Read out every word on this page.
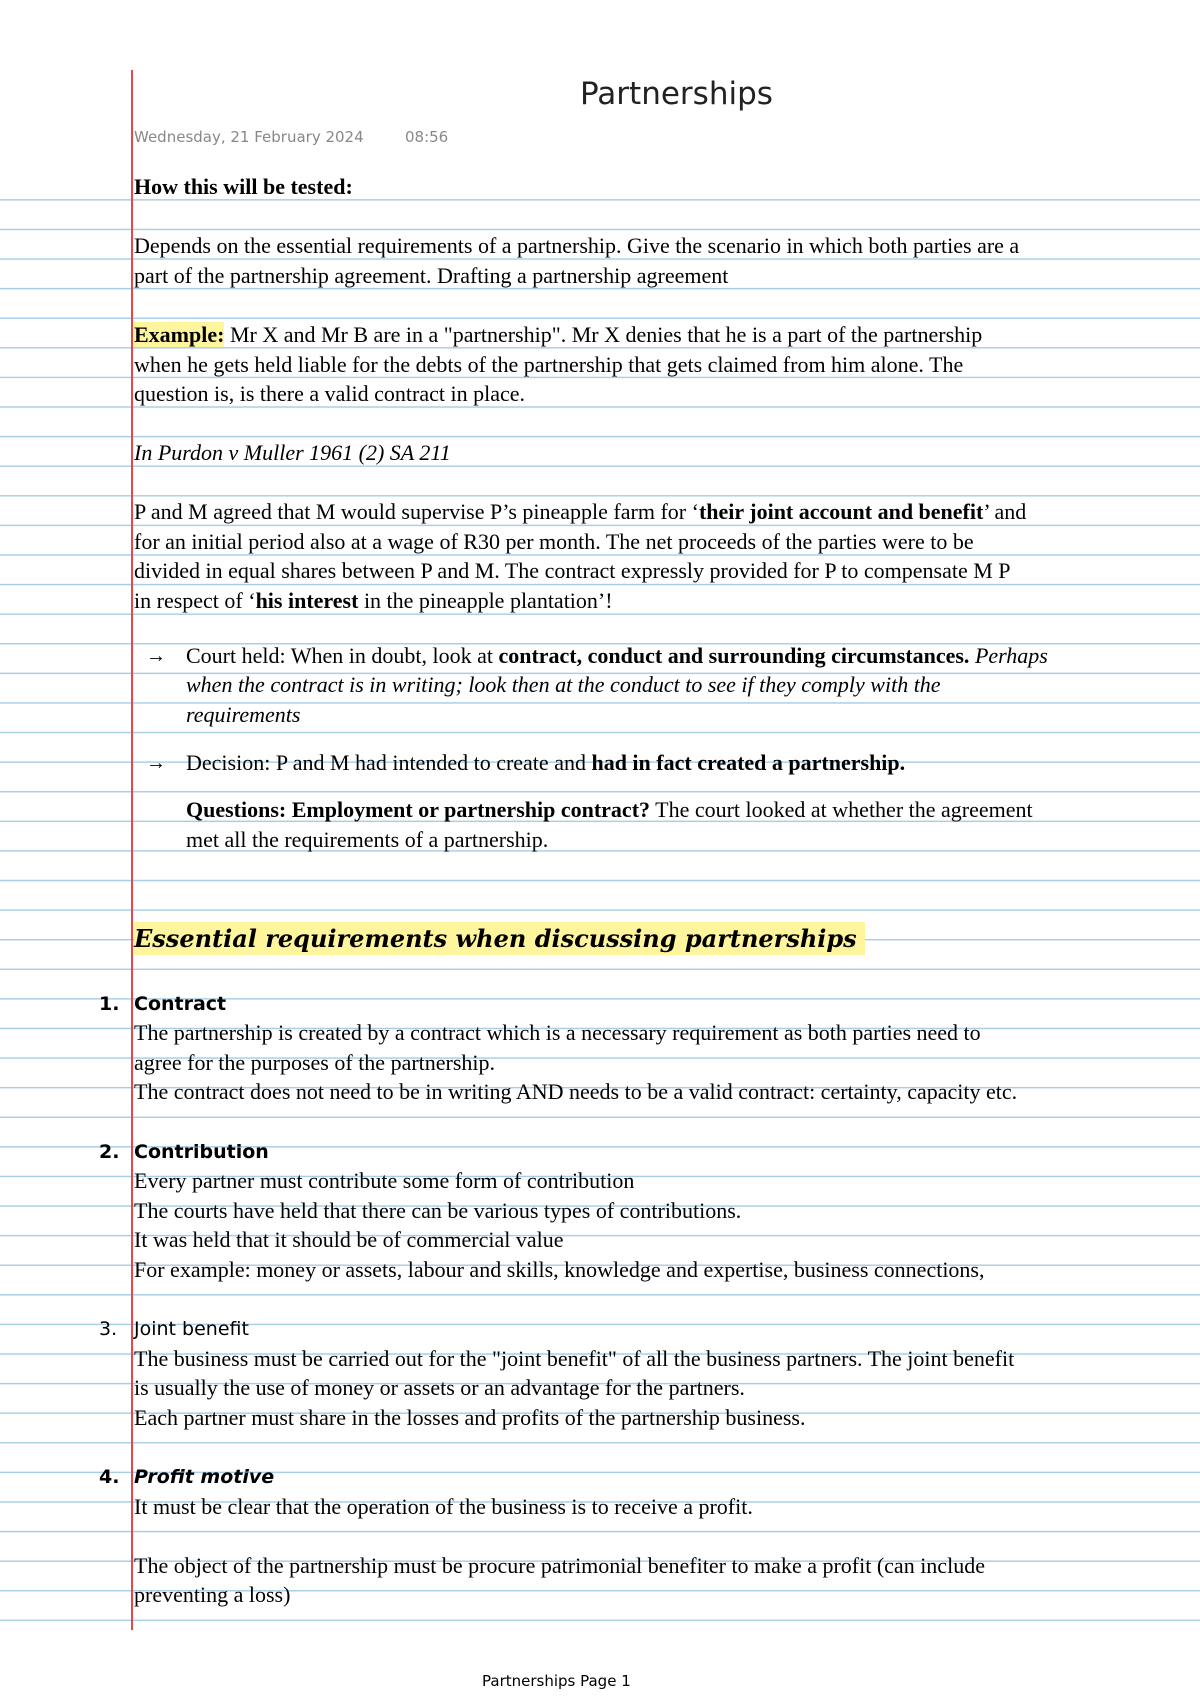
Partnerships
Wednesday, 21 February 2024	08:56
How this will be tested:
Depends on the essential requirements of a partnership. Give the scenario in which both parties are a
part of the partnership agreement. Drafting a partnership agreement
Example: Mr X and Mr B are in a "partnership". Mr X denies that he is a part of the partnership
when he gets held liable for the debts of the partnership that gets claimed from him alone. The
question is, is there a valid contract in place.
In Purdon v Muller 1961 (2) SA 211
P and M agreed that M would supervise P’s pineapple farm for ‘their joint account and benefit’ and
for an initial period also at a wage of R30 per month. The net proceeds of the parties were to be
divided in equal shares between P and M. The contract expressly provided for P to compensate M P
in respect of ‘his interest in the pineapple plantation’!
→ Court held: When in doubt, look at contract, conduct and surrounding circumstances. Perhaps
when the contract is in writing; look then at the conduct to see if they comply with the
requirements
→ Decision: P and M had intended to create and had in fact created a partnership.
Questions: Employment or partnership contract? The court looked at whether the agreement
met all the requirements of a partnership.
Essential requirements when discussing partnerships
1. Contract
The partnership is created by a contract which is a necessary requirement as both parties need to
agree for the purposes of the partnership.
The contract does not need to be in writing AND needs to be a valid contract: certainty, capacity etc.
2. Contribution
Every partner must contribute some form of contribution
The courts have held that there can be various types of contributions.
It was held that it should be of commercial value
For example: money or assets, labour and skills, knowledge and expertise, business connections,
3. Joint benefit
The business must be carried out for the "joint benefit" of all the business partners. The joint benefit
is usually the use of money or assets or an advantage for the partners.
Each partner must share in the losses and profits of the partnership business.
4. Profit motive
It must be clear that the operation of the business is to receive a profit.
The object of the partnership must be procure patrimonial benefiter to make a profit (can include
preventing a loss)
Partnerships Page 1
